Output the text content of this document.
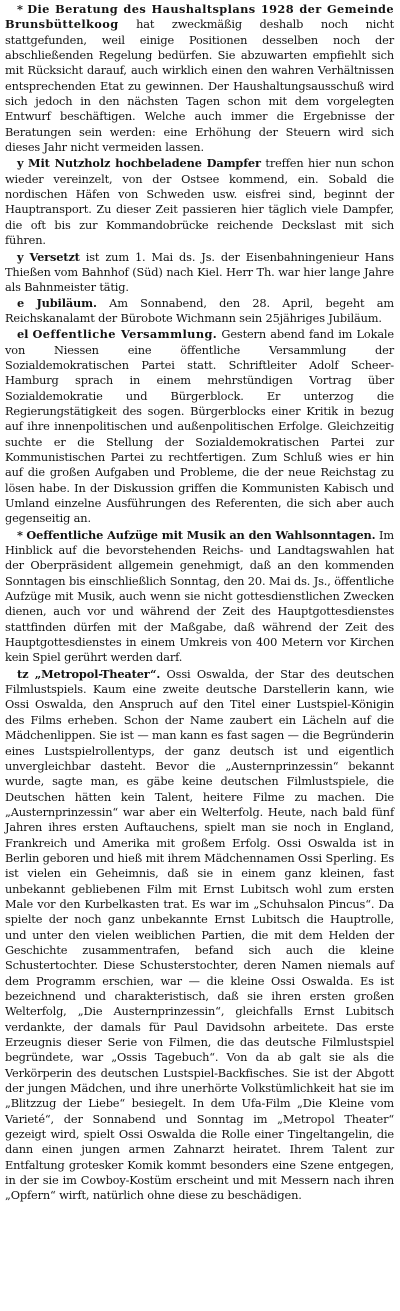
* Die Beratung des Haushaltsplans 1928 der Gemeinde Brunsbüttelkoog hat zweckmäßig deshalb noch nicht stattgefunden, weil einige Positionen desselben noch der abschließenden Regelung bedürfen. Sie abzuwarten empfiehlt sich mit Rücksicht darauf, auch wirklich einen den wahren Verhältnissen entsprechenden Etat zu gewinnen. Der Haushaltungsausschuß wird sich jedoch in den nächsten Tagen schon mit dem vorgelegten Entwurf beschäftigen. Welche auch immer die Ergebnisse der Beratungen sein werden: eine Erhöhung der Steuern wird sich dieses Jahr nicht vermeiden lassen.

y Mit Nutzholz hochbeladene Dampfer treffen hier nun schon wieder vereinzelt, von der Ostsee kommend, ein. Sobald die nordischen Häfen von Schweden usw. eisfrei sind, beginnt der Hauptransport. Zu dieser Zeit passieren hier täglich viele Dampfer, die oft bis zur Kommandobrücke reichende Deckslast mit sich führen.

y Versetzt ist zum 1. Mai ds. Js. der Eisenbahningenieur Hans Thießen vom Bahnhof (Süd) nach Kiel. Herr Th. war hier lange Jahre als Bahnmeister tätig.

e Jubiläum. Am Sonnabend, den 28. April, begeht am Reichskanalamt der Bürobote Wichmann sein 25jähriges Jubiläum.

el Oeffentliche Versammlung. Gestern abend fand im Lokale von Niessen eine öffentliche Versammlung der Sozialdemokratischen Partei statt. Schriftleiter Adolf Scheer-Hamburg sprach in einem mehrstündigen Vortrag über Sozialdemokratie und Bürgerblock. Er unterzog die Regierungstätigkeit des sogen. Bürgerblocks einer Kritik in bezug auf ihre innenpolitischen und außenpolitischen Erfolge. Gleichzeitig suchte er die Stellung der Sozialdemokratischen Partei zur Kommunistischen Partei zu rechtfertigen. Zum Schluß wies er hin auf die großen Aufgaben und Probleme, die der neue Reichstag zu lösen habe. In der Diskussion griffen die Kommunisten Kabisch und Umland einzelne Ausführungen des Referenten, die sich aber auch gegenseitig an.

* Oeffentliche Aufzüge mit Musik an den Wahlsonntagen. Im Hinblick auf die bevorstehenden Reichs- und Landtagswahlen hat der Oberpräsident allgemein genehmigt, daß an den kommenden Sonntagen bis einschließlich Sonntag, den 20. Mai ds. Js., öffentliche Aufzüge mit Musik, auch wenn sie nicht gottesdienstlichen Zwecken dienen, auch vor und während der Zeit des Hauptgottesdienstes stattfinden dürfen mit der Maßgabe, daß während der Zeit des Hauptgottesdienstes in einem Umkreis von 400 Metern vor Kirchen kein Spiel gerührt werden darf.

tz „Metropol-Theater“. Ossi Oswalda, der Star des deutschen Filmlustspiels. Kaum eine zweite deutsche Darstellerin kann, wie Ossi Oswalda, den Anspruch auf den Titel einer Lustspiel-Königin des Films erheben. Schon der Name zaubert ein Lächeln auf die Mädchenlippen. Sie ist — man kann es fast sagen — die Begründerin eines Lustspielrollentyps, der ganz deutsch ist und eigentlich unvergleichbar dasteht. Bevor die „Austernprinzessin“ bekannt wurde, sagte man, es gäbe keine deutschen Filmlustspiele, die Deutschen hätten kein Talent, heitere Filme zu machen. Die „Austernprinzessin“ war aber ein Welterfolg. Heute, nach bald fünf Jahren ihres ersten Auftauchens, spielt man sie noch in England, Frankreich und Amerika mit großem Erfolg. Ossi Oswalda ist in Berlin geboren und hieß mit ihrem Mädchennamen Ossi Sperling. Es ist vielen ein Geheimnis, daß sie in einem ganz kleinen, fast unbekannt gebliebenen Film mit Ernst Lubitsch wohl zum ersten Male vor den Kurbelkasten trat. Es war im „Schuhsalon Pincus“. Da spielte der noch ganz unbekannte Ernst Lubitsch die Hauptrolle, und unter den vielen weiblichen Partien, die mit dem Helden der Geschichte zusammentrafen, befand sich auch die kleine Schustertochter. Diese Schusterstochter, deren Namen niemals auf dem Programm erschien, war — die kleine Ossi Oswalda. Es ist bezeichnend und charakteristisch, daß sie ihren ersten großen Welterfolg, „Die Austernprinzessin“, gleichfalls Ernst Lubitsch verdankte, der damals für Paul Davidsohn arbeitete. Das erste Erzeugnis dieser Serie von Filmen, die das deutsche Filmlustspiel begründete, war „Ossis Tagebuch“. Von da ab galt sie als die Verkörperin des deutschen Lustspiel-Backfisches. Sie ist der Abgott der jungen Mädchen, und ihre unerhörte Volkstümlichkeit hat sie im „Blitzzug der Liebe“ besiegelt. In dem Ufa-Film „Die Kleine vom Varieté“, der Sonnabend und Sonntag im „Metropol Theater“ gezeigt wird, spielt Ossi Oswalda die Rolle einer Tingeltangelin, die dann einen jungen armen Zahnarzt heiratet. Ihrem Talent zur Entfaltung grotesker Komik kommt besonders eine Szene entgegen, in der sie im Cowboy-Kostüm erscheint und mit Messern nach ihren „Opfern“ wirft, natürlich ohne diese zu beschädigen.
